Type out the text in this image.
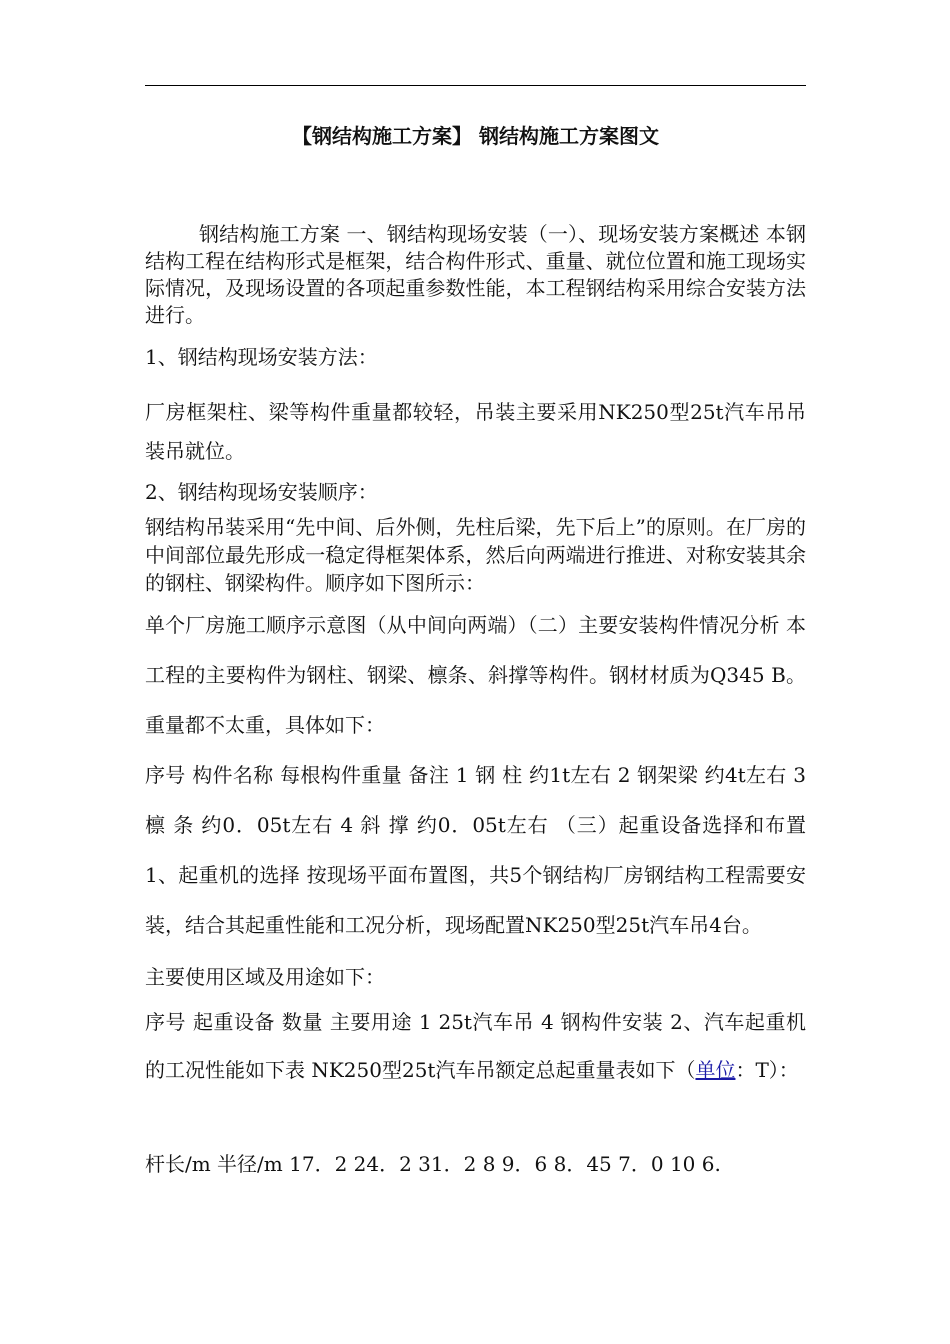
【钢结构施工方案】 钢结构施工方案图文

钢结构施工方案 一、钢结构现场安装（一）、现场安装方案概述 本钢结构工程在结构形式是框架，结合构件形式、重量、就位位置和施工现场实际情况，及现场设置的各项起重参数性能，本工程钢结构采用综合安装方法进行。

1、钢结构现场安装方法：

厂房框架柱、梁等构件重量都较轻，吊装主要采用NK250型25t汽车吊吊装吊就位。

2、钢结构现场安装顺序：

钢结构吊装采用“先中间、后外侧，先柱后梁，先下后上”的原则。在厂房的中间部位最先形成一稳定得框架体系，然后向两端进行推进、对称安装其余的钢柱、钢梁构件。顺序如下图所示：

单个厂房施工顺序示意图（从中间向两端）（二）主要安装构件情况分析 本工程的主要构件为钢柱、钢梁、檩条、斜撑等构件。钢材材质为Q345 B。重量都不太重，具体如下：

序号 构件名称 每根构件重量 备注 1 钢 柱 约1t左右 2 钢架梁 约4t左右 3 檩 条 约0．05t左右 4 斜 撑 约0．05t左右 （三）起重设备选择和布置 1、起重机的选择 按现场平面布置图，共5个钢结构厂房钢结构工程需要安装，结合其起重性能和工况分析，现场配置NK250型25t汽车吊4台。

主要使用区域及用途如下：

序号 起重设备 数量 主要用途 1 25t汽车吊 4 钢构件安装 2、汽车起重机的工况性能如下表 NK250型25t汽车吊额定总起重量表如下（单位：T）：

杆长/m 半径/m 17．2 24．2 31．2 8 9．6 8．45 7．0 10 6.
